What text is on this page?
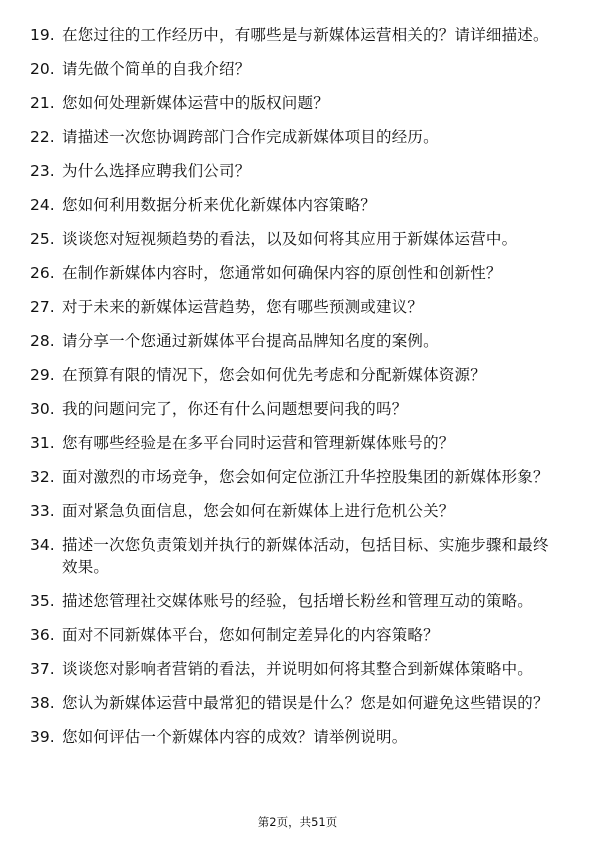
19. 在您过往的工作经历中，有哪些是与新媒体运营相关的？请详细描述。
20. 请先做个简单的自我介绍？
21. 您如何处理新媒体运营中的版权问题？
22. 请描述一次您协调跨部门合作完成新媒体项目的经历。
23. 为什么选择应聘我们公司？
24. 您如何利用数据分析来优化新媒体内容策略？
25. 谈谈您对短视频趋势的看法，以及如何将其应用于新媒体运营中。
26. 在制作新媒体内容时，您通常如何确保内容的原创性和创新性？
27. 对于未来的新媒体运营趋势，您有哪些预测或建议？
28. 请分享一个您通过新媒体平台提高品牌知名度的案例。
29. 在预算有限的情况下，您会如何优先考虑和分配新媒体资源？
30. 我的问题问完了，你还有什么问题想要问我的吗？
31. 您有哪些经验是在多平台同时运营和管理新媒体账号的？
32. 面对激烈的市场竞争，您会如何定位浙江升华控股集团的新媒体形象？
33. 面对紧急负面信息，您会如何在新媒体上进行危机公关？
34. 描述一次您负责策划并执行的新媒体活动，包括目标、实施步骤和最终效果。
35. 描述您管理社交媒体账号的经验，包括增长粉丝和管理互动的策略。
36. 面对不同新媒体平台，您如何制定差异化的内容策略？
37. 谈谈您对影响者营销的看法，并说明如何将其整合到新媒体策略中。
38. 您认为新媒体运营中最常犯的错误是什么？您是如何避免这些错误的？
39. 您如何评估一个新媒体内容的成效？请举例说明。
第2页，共51页
